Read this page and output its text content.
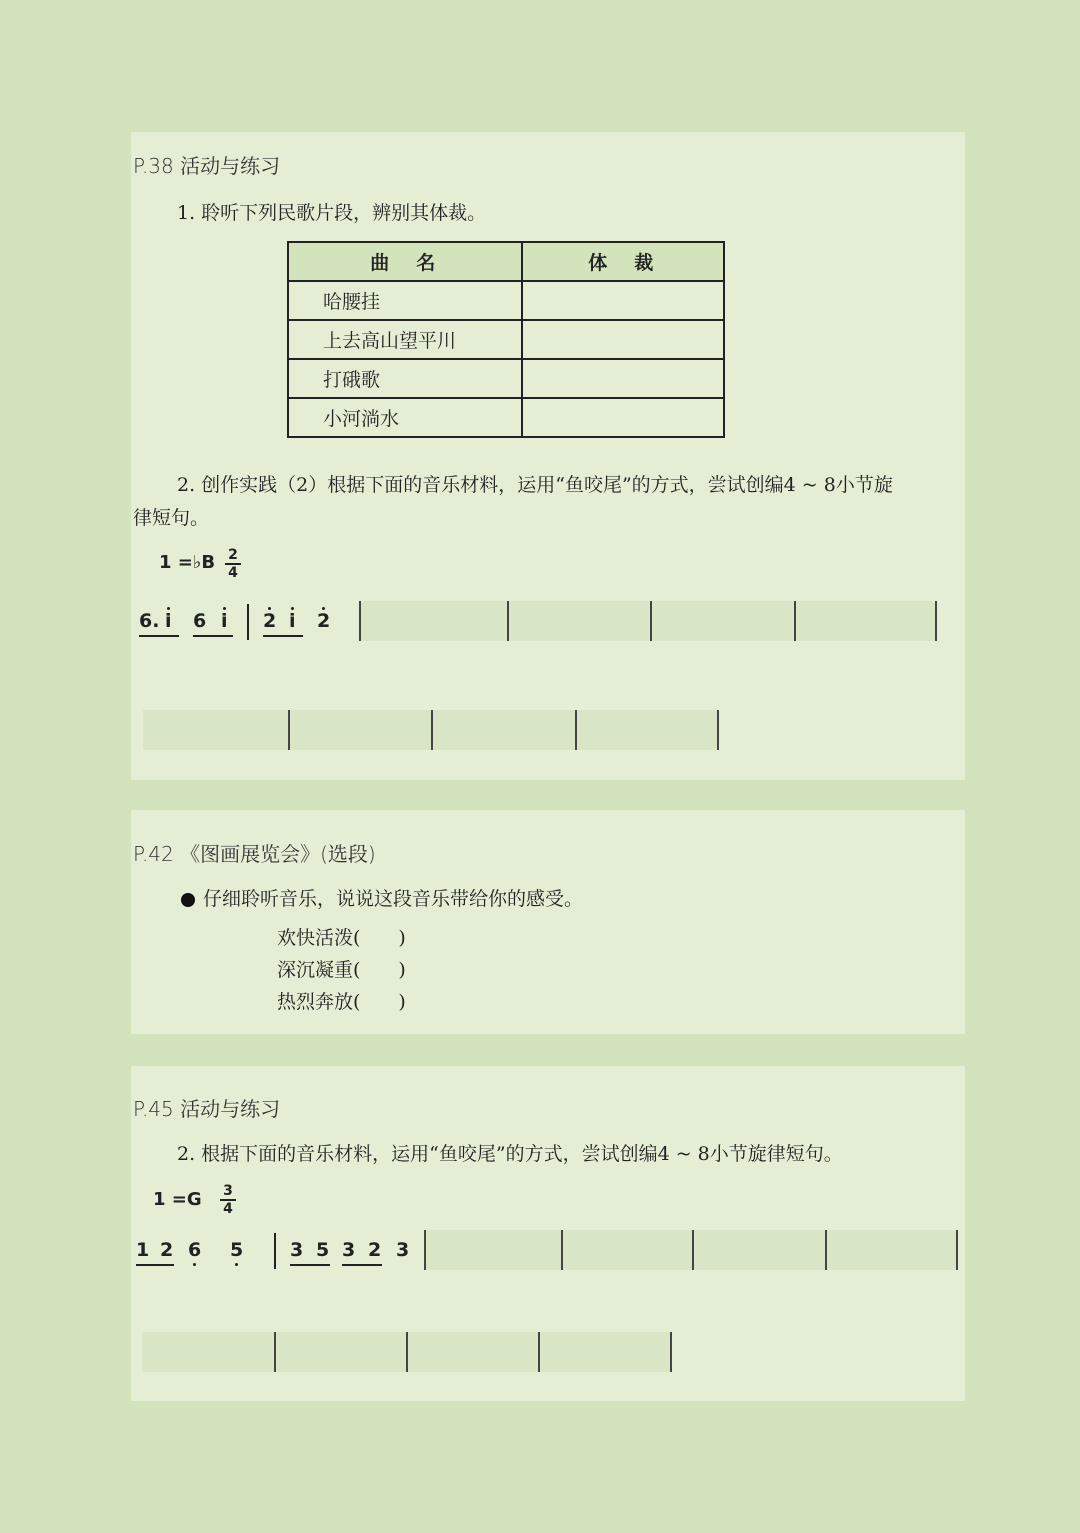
P.38 活动与练习
1. 聆听下列民歌片段，辨别其体裁。
曲　名	体　裁
哈腰挂	
上去高山望平川	
打硪歌	
小河淌水	
2. 创作实践（2）根据下面的音乐材料，运用“鱼咬尾”的方式，尝试创编4 ~ 8小节旋
律短句。
1 =♭B 2
4
6. i 6 i 2 i 2
P.42 《图画展览会》(选段)
仔细聆听音乐，说说这段音乐带给你的感受。
欢快活泼(　　)
深沉凝重(　　)
热烈奔放(　　)
P.45 活动与练习
2. 根据下面的音乐材料，运用“鱼咬尾”的方式，尝试创编4 ~ 8小节旋律短句。
1 =G 3
4
1 2 6 5 3 5 3 2 3
